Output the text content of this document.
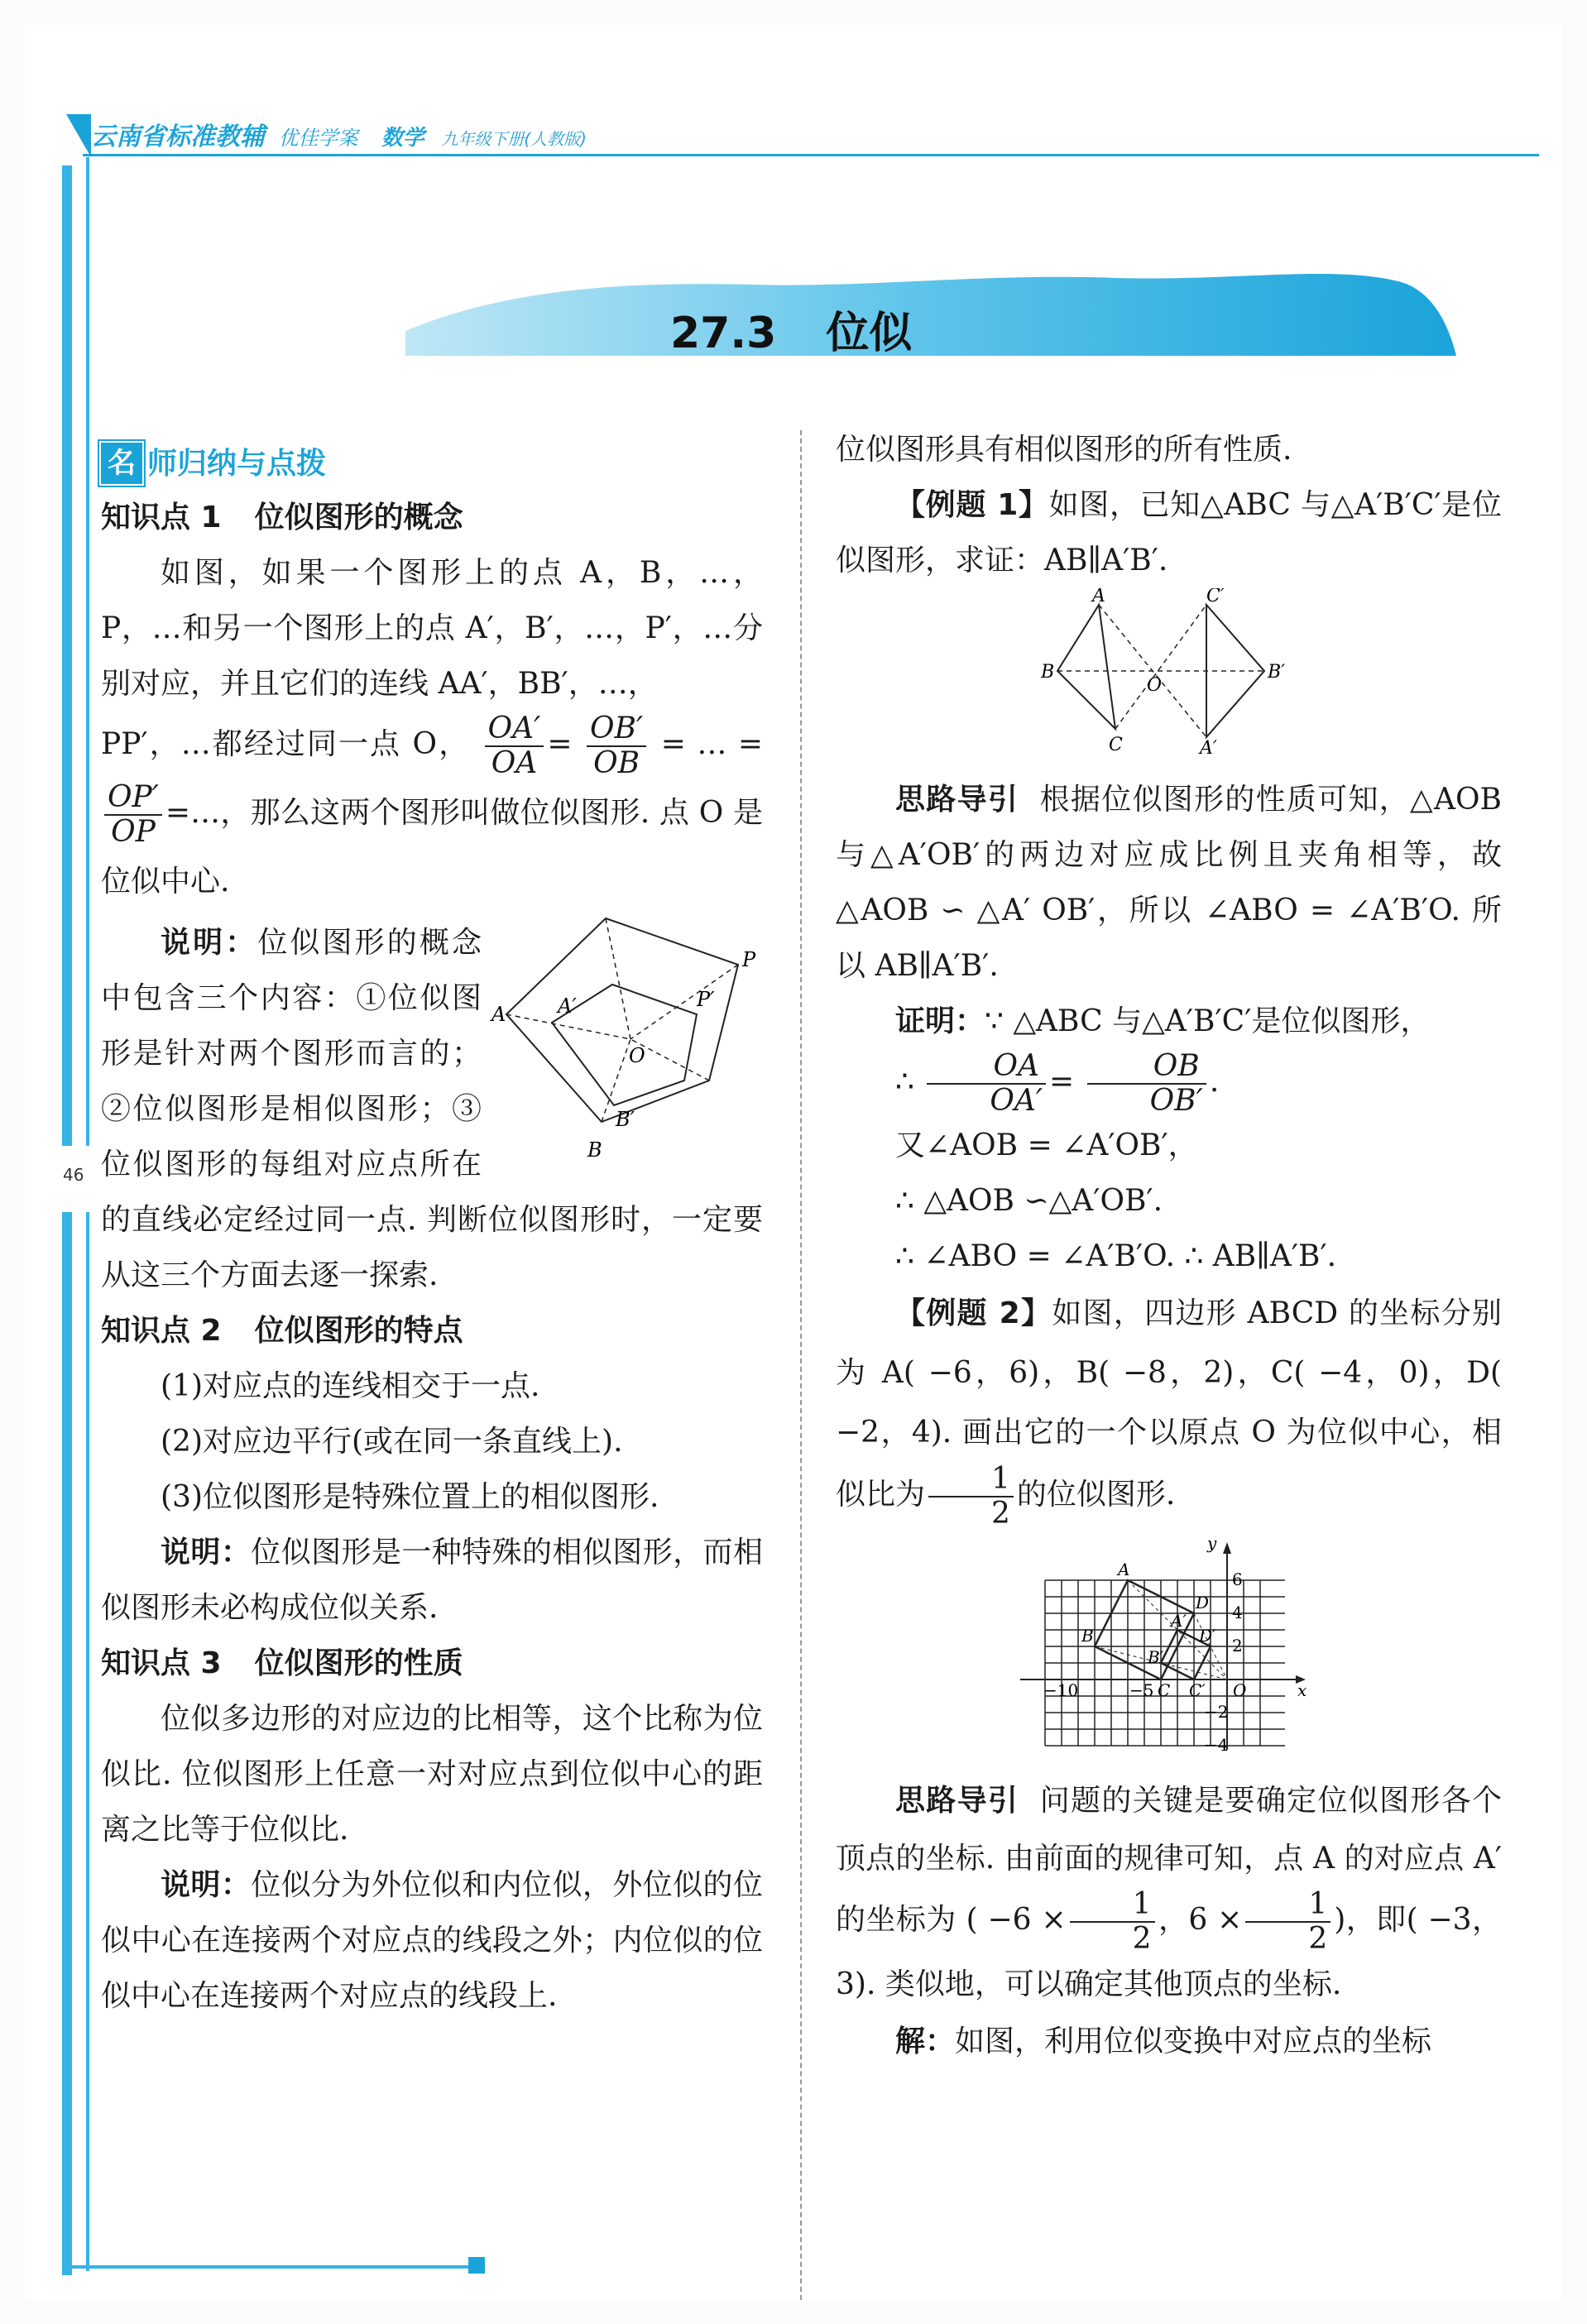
云南省标准教辅 优佳学案 数学 九年级下册(人教版)
46
27.3 位似
名 师归纳与点拨

知识点 1 位似图形的概念

如图，如果一个图形上的点 A，B，…，P，…和另一个图形上的点 A′，B′，…，P′，…分别对应，并且它们的连线 AA′，BB′，…，

PP′，…都经过同一点 O， $\frac{OA'}{OA} = \frac{OB'}{OB}$ = … =
$\frac{OP'}{OP}$ =…，那么这两个图形叫做位似图形. 点 O 是位似中心.

A	A′
P
P′
O
B′
B
说明：位似图形的概念中包含三个内容：①位似图形是针对两个图形而言的；②位似图形是相似图形；③位似图形的每组对应点所在的直线必定经过同一点. 判断位似图形时，一定要从这三个方面去逐一探索.

知识点 2 位似图形的特点

(1)对应点的连线相交于一点.

(2)对应边平行(或在同一条直线上).

(3)位似图形是特殊位置上的相似图形.

说明：位似图形是一种特殊的相似图形，而相似图形未必构成位似关系.

知识点 3 位似图形的性质

位似多边形的对应边的比相等，这个比称为位似比. 位似图形上任意一对对应点到位似中心的距离之比等于位似比.

说明：位似分为外位似和内位似，外位似的位似中心在连接两个对应点的线段之外；内位似的位似中心在连接两个对应点的线段上.

位似图形具有相似图形的所有性质.

【例题 1】如图，已知△ABC 与△A′B′C′是位似图形，求证：AB∥A′B′.

A
B
C
O
C′
B′
A′

思路导引 根据位似图形的性质可知，△AOB 与△A′OB′的两边对应成比例且夹角相等，故 △AOB ∽ △A′ OB′，所以 ∠ABO = ∠A′B′O. 所以 AB∥A′B′.

证明：∵ △ABC 与△A′B′C′是位似图形，

∴ $\frac{OA}{OA'} = \frac{OB}{OB'}$ .

又∠AOB = ∠A′OB′，

∴ △AOB ∽△A′OB′.

∴ ∠ABO = ∠A′B′O. ∴ AB∥A′B′.

【例题 2】如图，四边形 ABCD 的坐标分别为 A( −6，6)，B( −8，2)，C( −4，0)，D( −2，4). 画出它的一个以原点 O 为位似中心，相似比为 $\frac{1}{2}$ 的位似图形.

y
x
O
6
4
2
−2
−4
−10	−5
A
B
C
D
A′
B′
C′
D′

思路导引 问题的关键是要确定位似图形各个顶点的坐标. 由前面的规律可知，点 A 的对应点 A′ 的坐标为 ( $-6 \times \frac{1}{2}$ ，$6 \times \frac{1}{2}$ )，即( −3，3). 类似地，可以确定其他顶点的坐标.

解：如图，利用位似变换中对应点的坐标
